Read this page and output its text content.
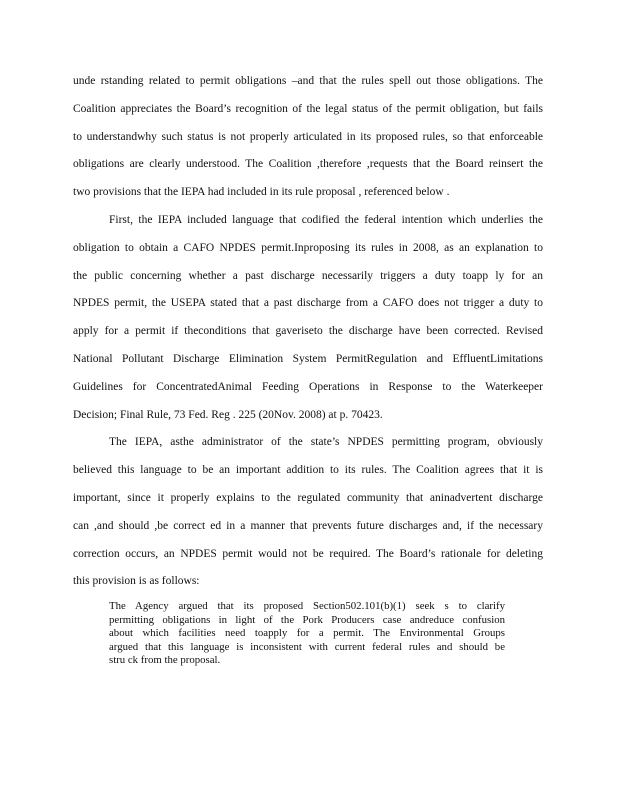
unde rstanding related to permit obligations –and that the rules spell out those obligations. The
Coalition appreciates the Board’s recognition of the legal status of the permit obligation, but fails
to understandwhy such status is not properly articulated in its proposed rules, so that enforceable
obligations are clearly understood. The Coalition ,therefore ,requests that the Board reinsert the
two provisions that the IEPA had included in its rule proposal , referenced below .
First, the IEPA included language that codified the federal intention which underlies the
obligation to obtain a CAFO NPDES permit.Inproposing its rules in 2008, as an explanation to
the public concerning whether a past discharge necessarily triggers a duty toapp ly for an
NPDES permit, the USEPA stated that a past discharge from a CAFO does not trigger a duty to
apply for a permit if theconditions that gaveriseto the discharge have been corrected. Revised
National Pollutant Discharge Elimination System PermitRegulation and EffluentLimitations
Guidelines for ConcentratedAnimal Feeding Operations in Response to the Waterkeeper
Decision; Final Rule, 73 Fed. Reg . 225 (20Nov. 2008) at p. 70423.
The IEPA, asthe administrator of the state’s NPDES permitting program, obviously
believed this language to be an important addition to its rules. The Coalition agrees that it is
important, since it properly explains to the regulated community that aninadvertent discharge
can ,and should ,be correct ed in a manner that prevents future discharges and, if the necessary
correction occurs, an NPDES permit would not be required. The Board’s rationale for deleting
this provision is as follows:
The Agency argued that its proposed Section502.101(b)(1) seek s to clarify
permitting obligations in light of the Pork Producers case andreduce confusion
about which facilities need toapply for a permit. The Environmental Groups
argued that this language is inconsistent with current federal rules and should be
stru ck from the proposal.
